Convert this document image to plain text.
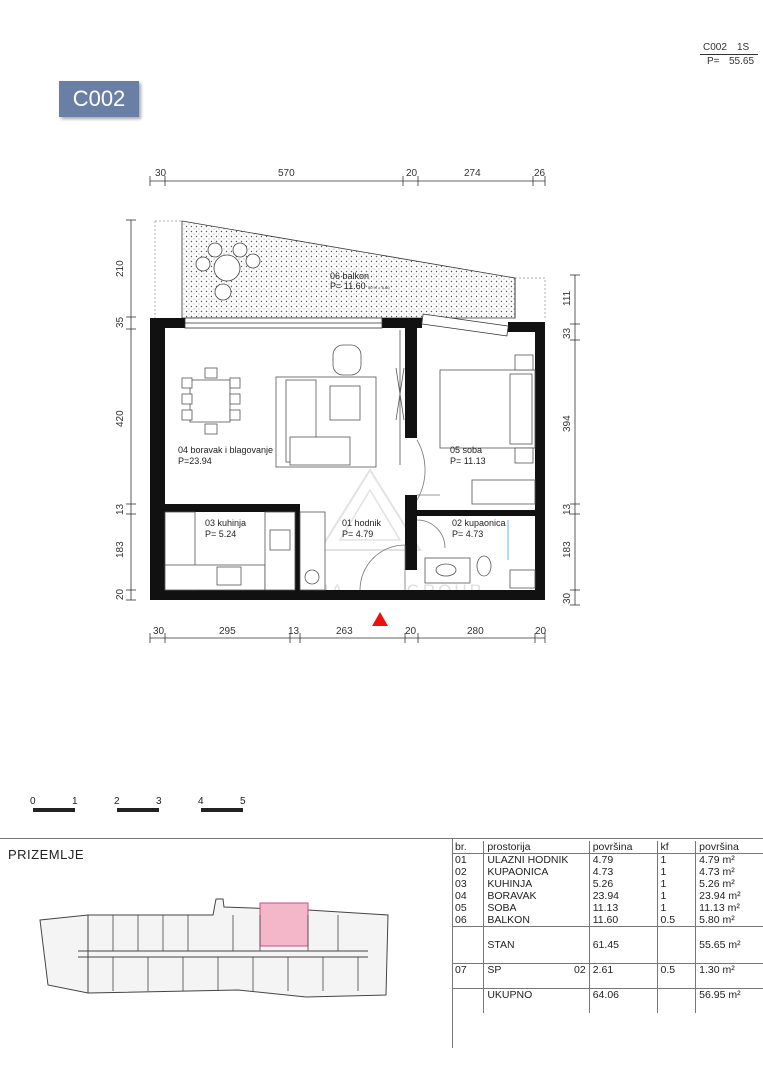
C002
C002 1S
P= 55.65
30	570	20	274	26
210
35
420
13
183
20
111
33
394
13
183
30
30	295	13	263	20	280	20
06 balkon
P= 11.60 50 % = 5.80
04 boravak i blagovanje
P=23.94
05 soba
P= 11.13
03 kuhinja
P= 5.24
01 hodnik
P= 4.79
02 kupaonica
P= 4.73
0	1	2	3	4	5
PRIZEMLJE	br.	prostorija	površina	kf	površina
01	ULAZNI HODNIK	4.79	1	4.79 m²
02	KUPAONICA	4.73	1	4.73 m²
03	KUHINJA	5.26	1	5.26 m²
04	BORAVAK	23.94	1	23.94 m²
05	SOBA	11.13	1	11.13 m²
06	BALKON	11.60	0.5	5.80 m²

	STAN	61.45		55.65 m²

07	SP 02	2.61	0.5	1.30 m²

	UKUPNO	64.06		56.95 m²
